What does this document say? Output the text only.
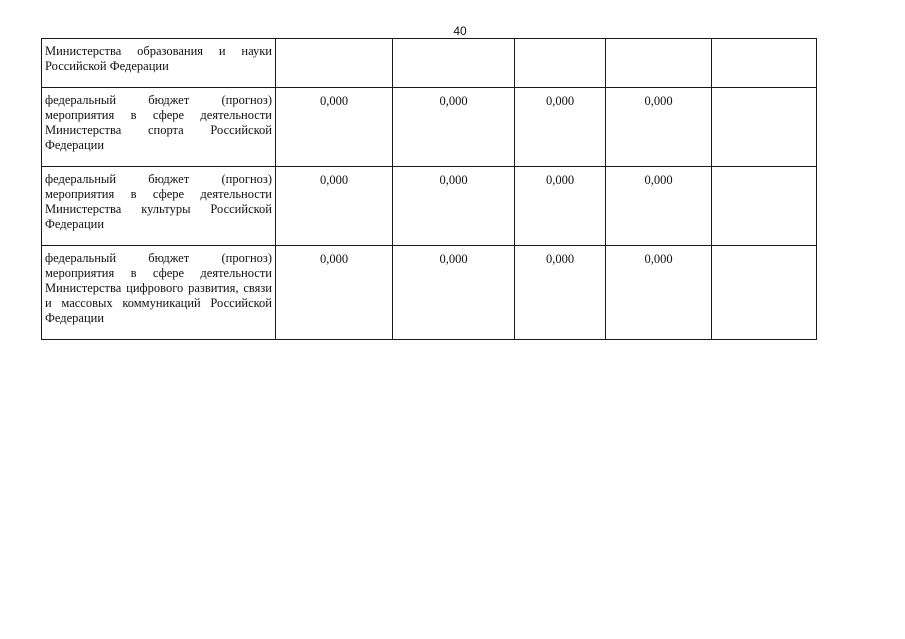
40
Министерства образования и науки Российской Федерации					
федеральный бюджет (прогноз) мероприятия в сфере деятельности Министерства спорта Российской Федерации	0,000	0,000	0,000	0,000	
федеральный бюджет (прогноз) мероприятия в сфере деятельности Министерства культуры Российской Федерации	0,000	0,000	0,000	0,000	
федеральный бюджет (прогноз) мероприятия в сфере деятельности Министерства цифрового развития, связи и массовых коммуникаций Российской Федерации	0,000	0,000	0,000	0,000	
